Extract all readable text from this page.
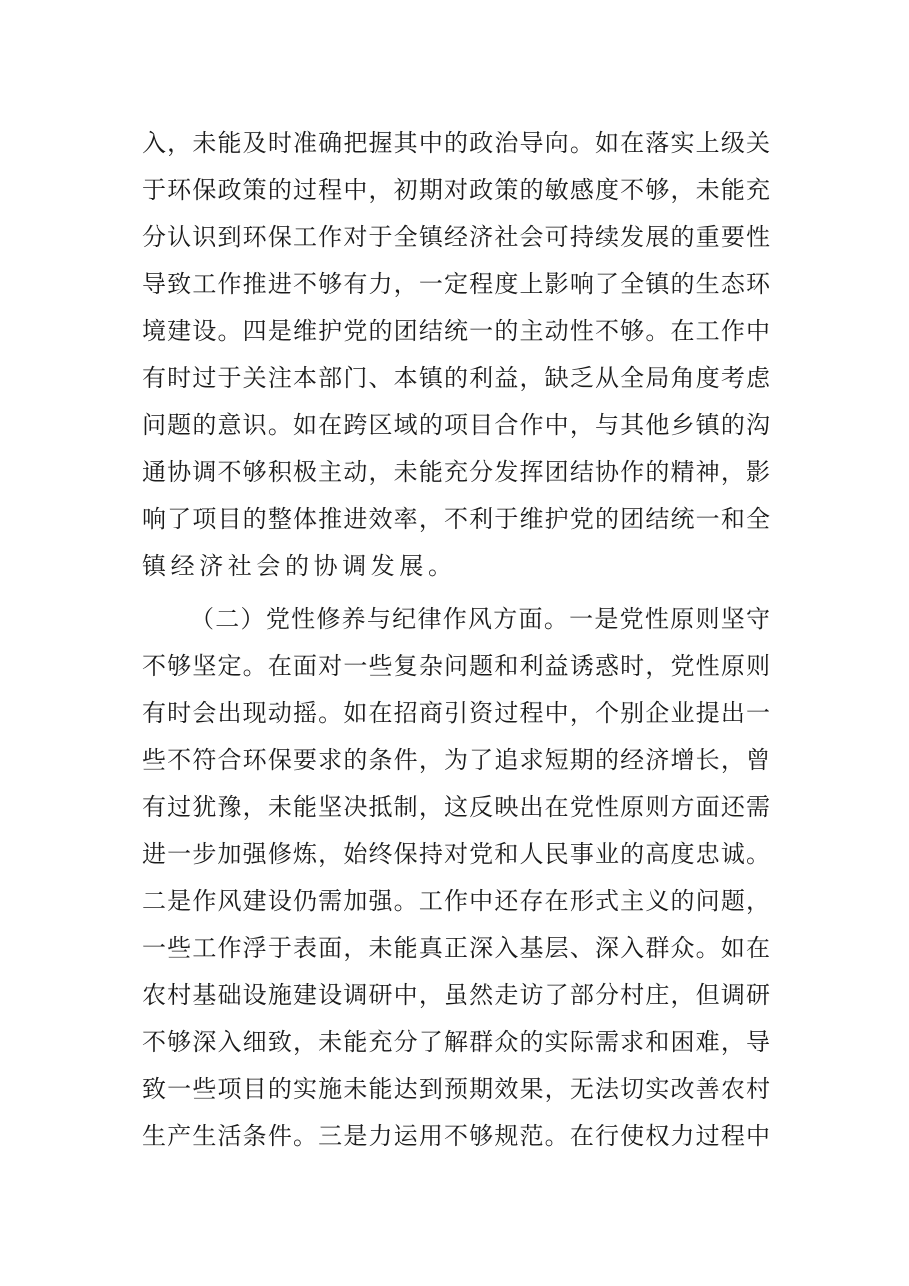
入，未能及时准确把握其中的政治导向。如在落实上级关
于环保政策的过程中，初期对政策的敏感度不够，未能充
分认识到环保工作对于全镇经济社会可持续发展的重要性
导致工作推进不够有力，一定程度上影响了全镇的生态环
境建设。四是维护党的团结统一的主动性不够。在工作中
有时过于关注本部门、本镇的利益，缺乏从全局角度考虑
问题的意识。如在跨区域的项目合作中，与其他乡镇的沟
通协调不够积极主动，未能充分发挥团结协作的精神，影
响了项目的整体推进效率，不利于维护党的团结统一和全
镇经济社会的协调发展。
（二）党性修养与纪律作风方面。一是党性原则坚守
不够坚定。在面对一些复杂问题和利益诱惑时，党性原则
有时会出现动摇。如在招商引资过程中，个别企业提出一
些不符合环保要求的条件，为了追求短期的经济增长，曾
有过犹豫，未能坚决抵制，这反映出在党性原则方面还需
进一步加强修炼，始终保持对党和人民事业的高度忠诚。
二是作风建设仍需加强。工作中还存在形式主义的问题，
一些工作浮于表面，未能真正深入基层、深入群众。如在
农村基础设施建设调研中，虽然走访了部分村庄，但调研
不够深入细致，未能充分了解群众的实际需求和困难，导
致一些项目的实施未能达到预期效果，无法切实改善农村
生产生活条件。三是力运用不够规范。在行使权力过程中
